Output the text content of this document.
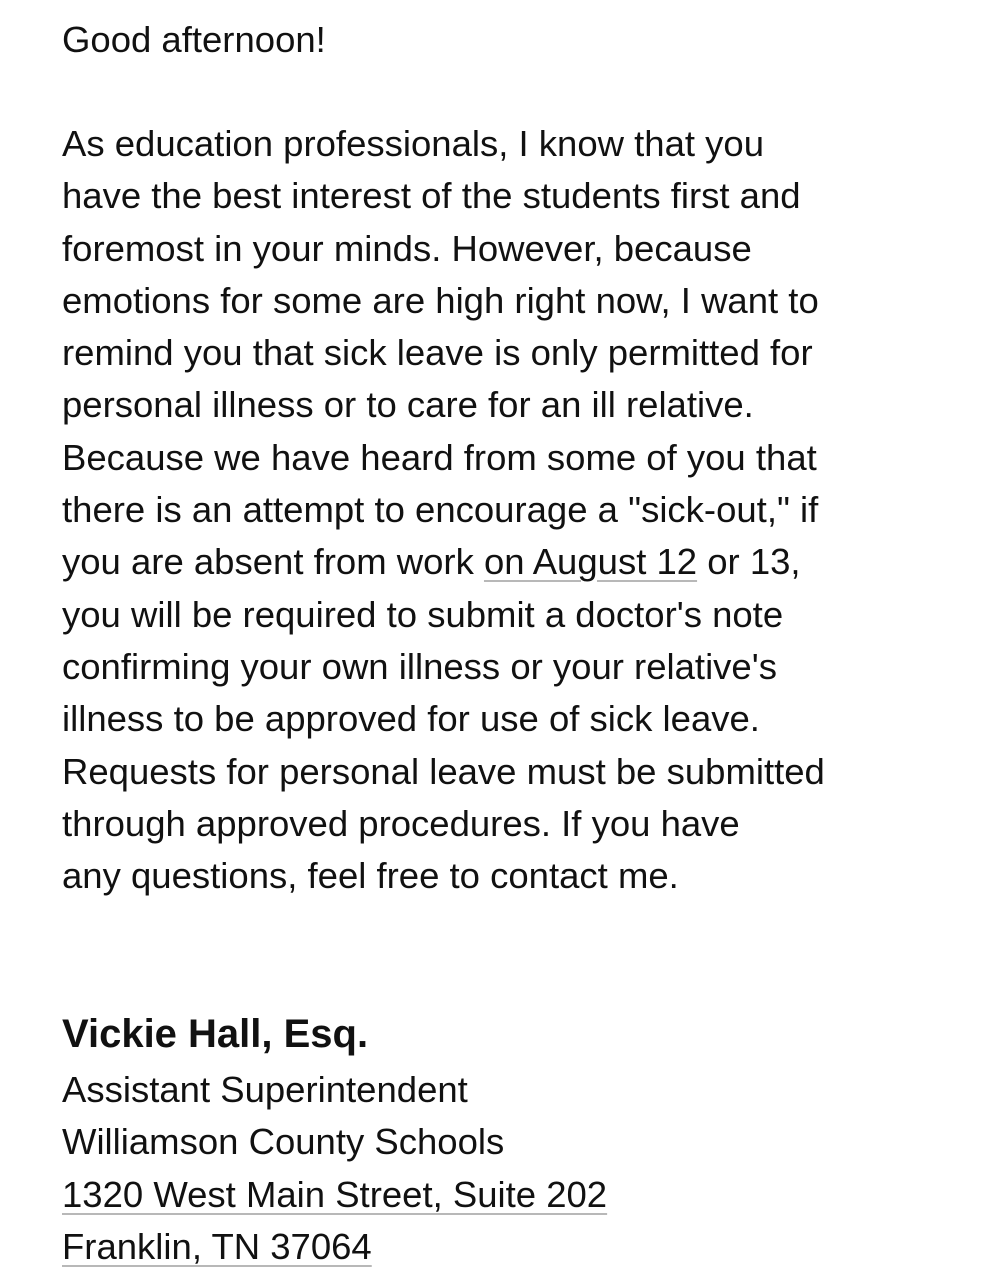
Good afternoon!
As education professionals, I know that you
have the best interest of the students first and
foremost in your minds. However, because
emotions for some are high right now, I want to
remind you that sick leave is only permitted for
personal illness or to care for an ill relative.
Because we have heard from some of you that
there is an attempt to encourage a "sick-out," if
you are absent from work on August 12 or 13,
you will be required to submit a doctor's note
confirming your own illness or your relative's
illness to be approved for use of sick leave.
Requests for personal leave must be submitted
through approved procedures. If you have
any questions, feel free to contact me.
Vickie Hall, Esq.
Assistant Superintendent
Williamson County Schools
1320 West Main Street, Suite 202
Franklin, TN 37064
